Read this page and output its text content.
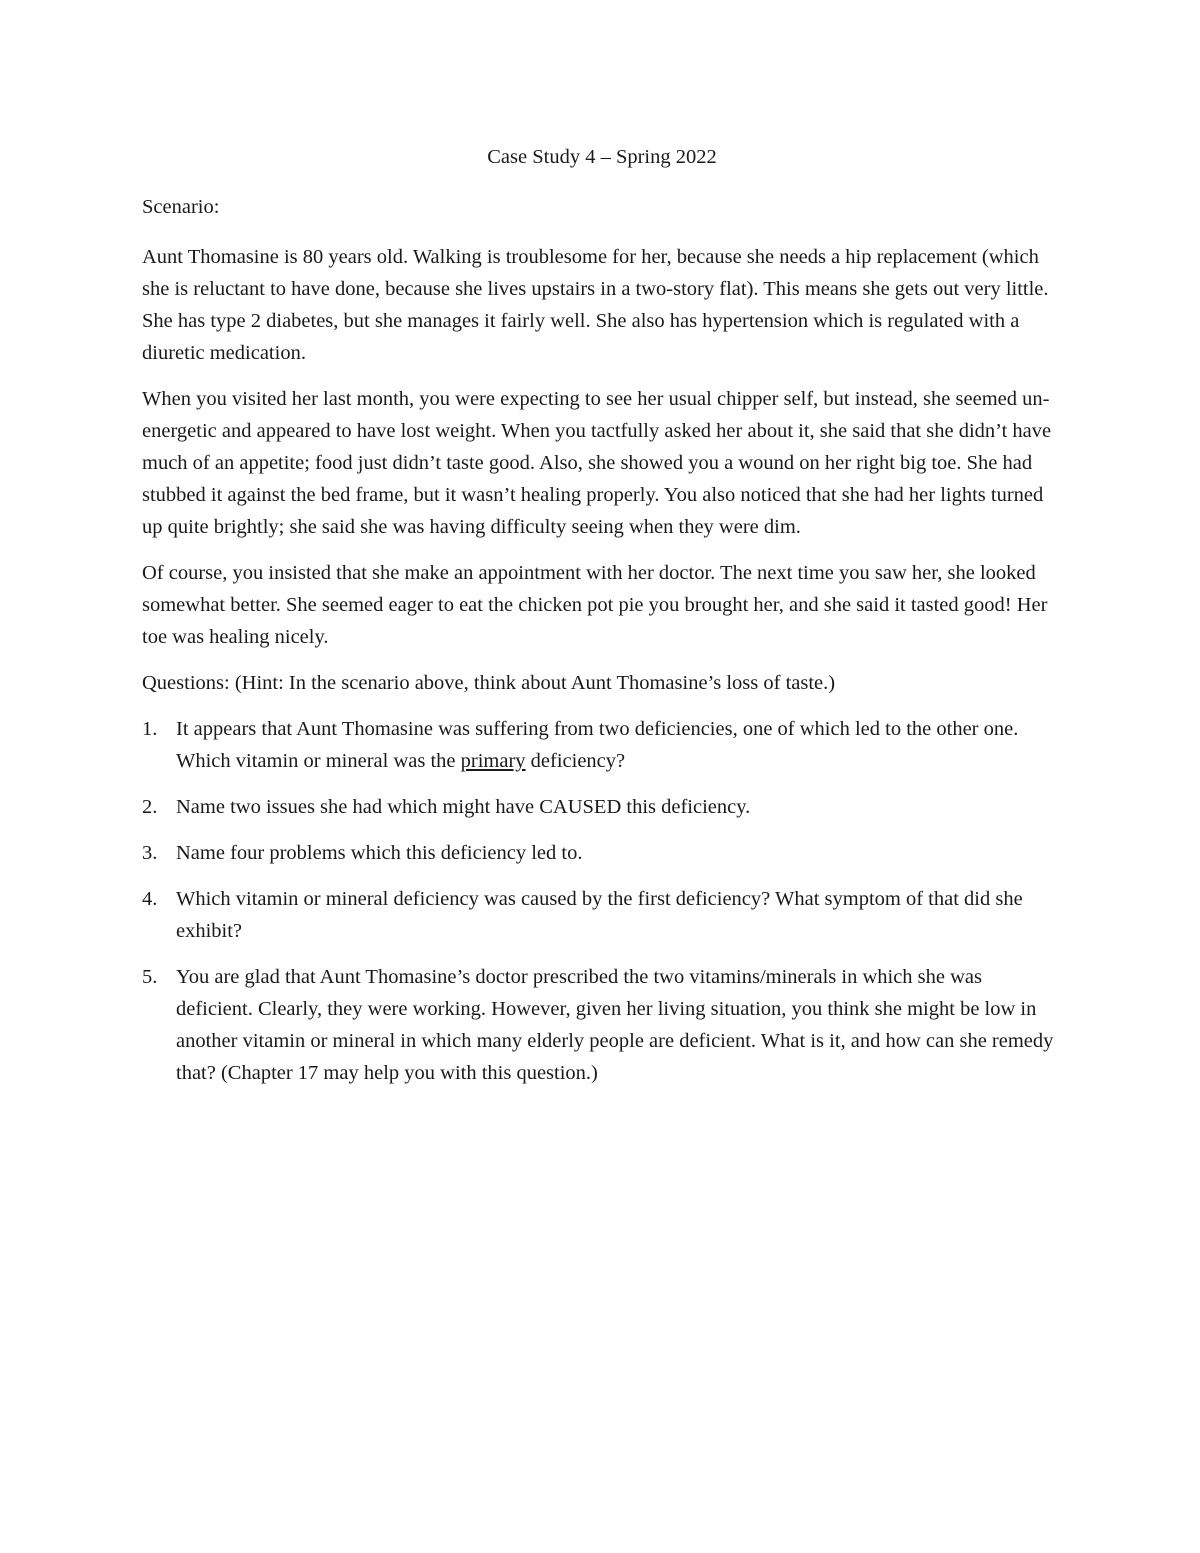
Case Study 4 – Spring 2022

Scenario:

Aunt Thomasine is 80 years old. Walking is troublesome for her, because she needs a hip replacement (which she is reluctant to have done, because she lives upstairs in a two-story flat). This means she gets out very little. She has type 2 diabetes, but she manages it fairly well. She also has hypertension which is regulated with a diuretic medication.

When you visited her last month, you were expecting to see her usual chipper self, but instead, she seemed un-energetic and appeared to have lost weight. When you tactfully asked her about it, she said that she didn’t have much of an appetite; food just didn’t taste good. Also, she showed you a wound on her right big toe. She had stubbed it against the bed frame, but it wasn’t healing properly. You also noticed that she had her lights turned up quite brightly; she said she was having difficulty seeing when they were dim.

Of course, you insisted that she make an appointment with her doctor. The next time you saw her, she looked somewhat better. She seemed eager to eat the chicken pot pie you brought her, and she said it tasted good! Her toe was healing nicely.

Questions: (Hint: In the scenario above, think about Aunt Thomasine’s loss of taste.)

1. It appears that Aunt Thomasine was suffering from two deficiencies, one of which led to the other one. Which vitamin or mineral was the primary deficiency?
2. Name two issues she had which might have CAUSED this deficiency.
3. Name four problems which this deficiency led to.
4. Which vitamin or mineral deficiency was caused by the first deficiency? What symptom of that did she exhibit?
5. You are glad that Aunt Thomasine’s doctor prescribed the two vitamins/minerals in which she was deficient. Clearly, they were working. However, given her living situation, you think she might be low in another vitamin or mineral in which many elderly people are deficient. What is it, and how can she remedy that? (Chapter 17 may help you with this question.)
